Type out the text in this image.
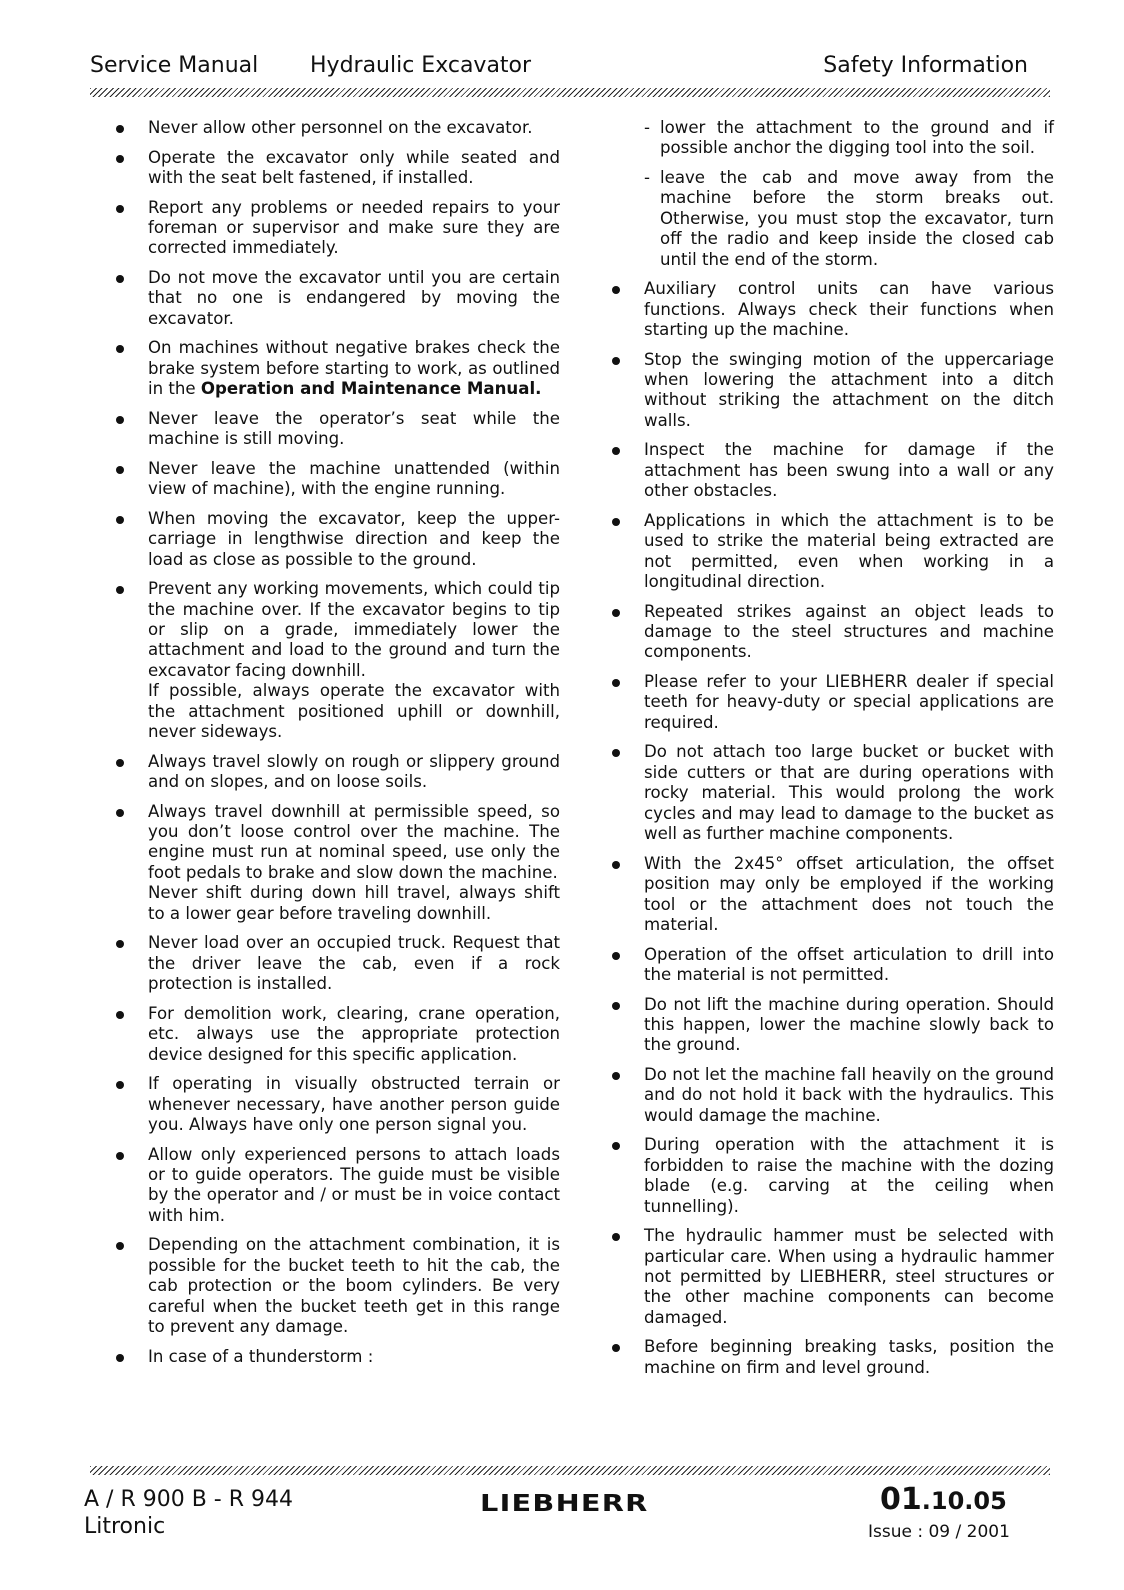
Service Manual Hydraulic Excavator	Safety Information
Never allow other personnel on the excavator.
Operate the excavator only while seated and with the seat belt fastened, if installed.
Report any problems or needed repairs to your foreman or supervisor and make sure they are corrected immediately.
Do not move the excavator until you are certain that no one is endangered by moving the excavator.
On machines without negative brakes check the brake system before starting to work, as outlined in the Operation and Maintenance Manual.
Never leave the operator’s seat while the machine is still moving.
Never leave the machine unattended (within view of machine), with the engine running.
When moving the excavator, keep the upper-carriage in lengthwise direction and keep the load as close as possible to the ground.

Prevent any working movements, which could tip the machine over. If the excavator begins to tip or slip on a grade, immediately lower the attachment and load to the ground and turn the excavator facing downhill.

If possible, always operate the excavator with the attachment positioned uphill or downhill, never sideways.

Always travel slowly on rough or slippery ground and on slopes, and on loose soils.

Always travel downhill at permissible speed, so you don’t loose control over the machine. The engine must run at nominal speed, use only the foot pedals to brake and slow down the machine.

Never shift during down hill travel, always shift to a lower gear before traveling downhill.

Never load over an occupied truck. Request that the driver leave the cab, even if a rock protection is installed.
For demolition work, clearing, crane operation, etc. always use the appropriate protection device designed for this specific application.
If operating in visually obstructed terrain or whenever necessary, have another person guide you. Always have only one person signal you.
Allow only experienced persons to attach loads or to guide operators. The guide must be visible by the operator and / or must be in voice contact with him.
Depending on the attachment combination, it is possible for the bucket teeth to hit the cab, the cab protection or the boom cylinders. Be very careful when the bucket teeth get in this range to prevent any damage.
In case of a thunderstorm :
- lower the attachment to the ground and if possible anchor the digging tool into the soil.
- leave the cab and move away from the machine before the storm breaks out. Otherwise, you must stop the excavator, turn off the radio and keep inside the closed cab until the end of the storm.
Auxiliary control units can have various functions. Always check their functions when starting up the machine.
Stop the swinging motion of the uppercariage when lowering the attachment into a ditch without striking the attachment on the ditch walls.
Inspect the machine for damage if the attachment has been swung into a wall or any other obstacles.
Applications in which the attachment is to be used to strike the material being extracted are not permitted, even when working in a longitudinal direction.
Repeated strikes against an object leads to damage to the steel structures and machine components.
Please refer to your LIEBHERR dealer if special teeth for heavy-duty or special applications are required.
Do not attach too large bucket or bucket with side cutters or that are during operations with rocky material. This would prolong the work cycles and may lead to damage to the bucket as well as further machine components.
With the 2x45° offset articulation, the offset position may only be employed if the working tool or the attachment does not touch the material.
Operation of the offset articulation to drill into the material is not permitted.
Do not lift the machine during operation. Should this happen, lower the machine slowly back to the ground.
Do not let the machine fall heavily on the ground and do not hold it back with the hydraulics. This would damage the machine.
During operation with the attachment it is forbidden to raise the machine with the dozing blade (e.g. carving at the ceiling when tunnelling).
The hydraulic hammer must be selected with particular care. When using a hydraulic hammer not permitted by LIEBHERR, steel structures or the other machine components can become damaged.
Before beginning breaking tasks, position the machine on firm and level ground.
A / R 900 B - R 944
Litronic
LIEBHERR	01.10.05
Issue : 09 / 2001
